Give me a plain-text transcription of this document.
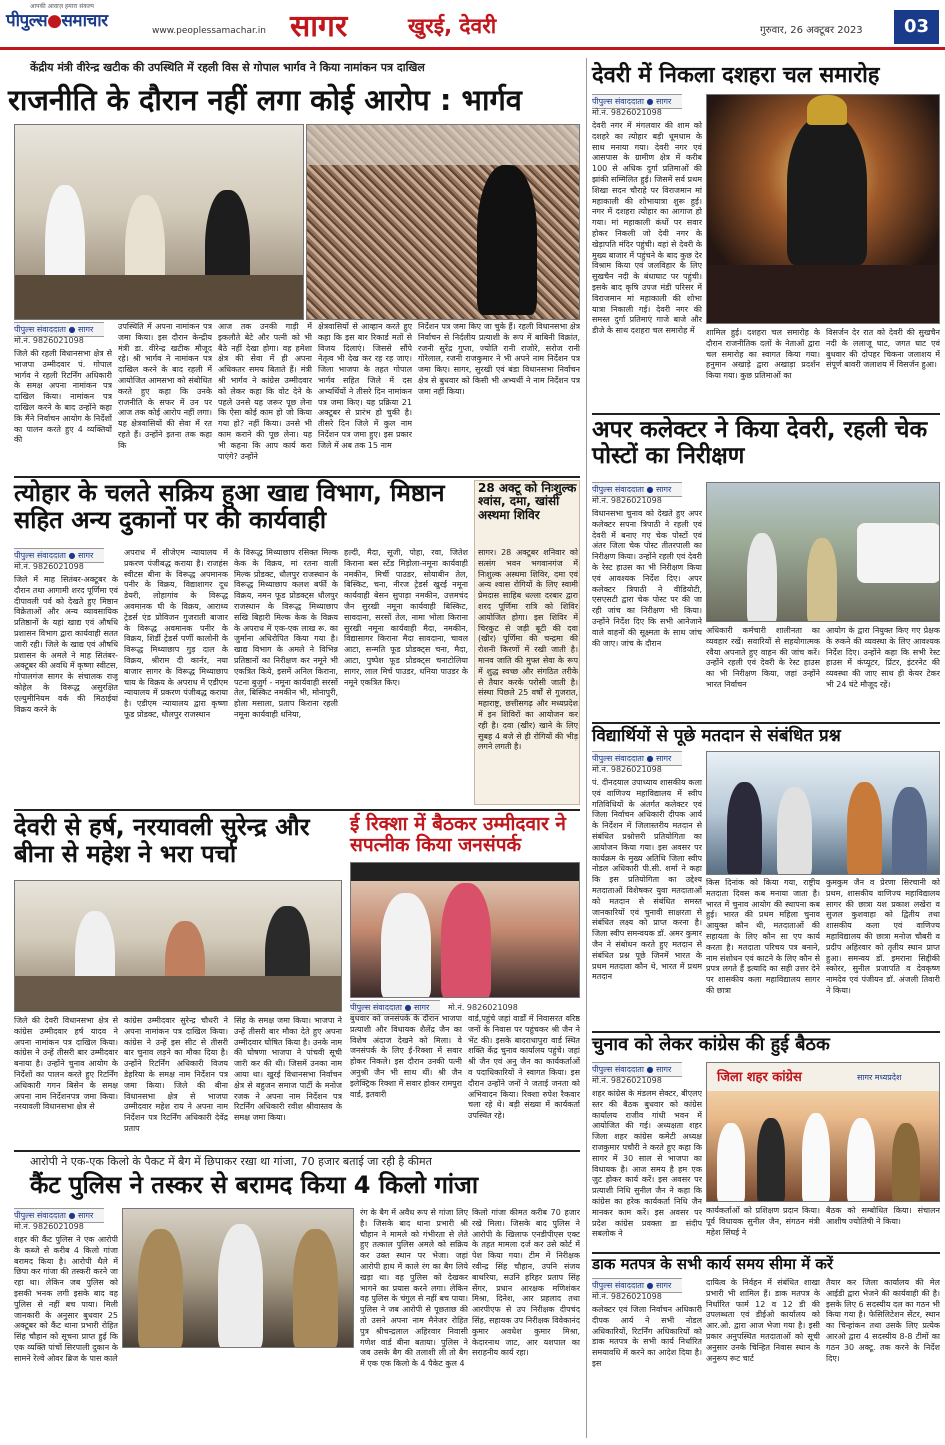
आपकी आवाज़ हमारा संकल्प
पीपुल्स●समाचार	www.peoplessamachar.in सागर	खुरई, देवरी	गुरुवार, 26 अक्टूबर 2023	03
केंद्रीय मंत्री वीरेन्द्र खटीक की उपस्थिति में रहली विस से गोपाल भार्गव ने किया नामांकन पत्र दाखिल
राजनीति के दौरान नहीं लगा कोई आरोप : भार्गव
पीपुल्स संवाददाता ● सागर
मो.नं. 9826021098
जिले की रहली विधानसभा क्षेत्र से भाजपा उम्मीदवार पं. गोपाल भार्गव ने रहली रिटर्निंग अधिकारी के समक्ष अपना नामांकन पत्र दाखिल किया। नामांकन पत्र दाखिल करने के बाद उन्होंने कहा कि मैंने निर्वाचन आयोग के निर्देशों का पालन करते हुए 4 व्यक्तियों की
उपस्थिति में अपना नामांकन पत्र जमा किया। इस दौरान केन्द्रीय मंत्री डा. वीरेन्द्र खटीक मौजूद रहे। श्री भार्गव ने नामांकन पत्र दाखिल करने के बाद रहली में आयोजित आमसभा को संबोधित करते हुए कहा कि उनके राजनीति के सफर में उन पर आज तक कोई आरोप नहीं लगा। यह क्षेत्रवासियों की सेवा में रत रहते हैं। उन्होंने इतना तक कहा कि
आज तक उनकी गाड़ी में इकलौते बेटे और पत्नी को भी बैठे नहीं देखा होगा। वह हमेशा क्षेत्र की सेवा में ही अपना अधिकतर समय बिताते हैं। मंत्री श्री भार्गव ने कांग्रेस उम्मीदवार को लेकर कहा कि वोट देने के पहले उनसे यह जरूर पूछ लेना कि ऐसा कोई काम हो जो किया गया हो? नहीं किया। उनसे भी काम कराने की पूछ लेना। यह भी कहना कि आप कार्य करा पाएंगे? उन्होंने
क्षेत्रवासियों से आव्हान करते हुए कहा कि इस बार रिकार्ड मतों से विजय दिलाएं। जिससे सौंपे नेतृत्व भी देख कर रह रह जाए। जिला भाजपा के तहत गोपाल भार्गव सहित जिले में दस अभ्यर्थियों ने तीसरे दिन नामांकन पत्र जमा किए। यह प्रक्रिया 21 अक्टूबर से प्रारंभ हो चुकी है। तीसरे दिन जिले में कुल नाम निर्देशन पत्र जमा हुए। इस प्रकार जिले में अब तक 15 नाम
निर्देशन पत्र जमा किए जा चुके हैं। रहली विधानसभा क्षेत्र निर्वाचन से निर्दलीय प्रत्याशी के रूप में बाबिनी विक्रांत, रजनी सुरेंद्र गुप्ता, ज्योति रानी राजोरे, सरोज रानी गोरेलाल, रजनी राजकुमार ने भी अपने नाम निर्देशन पत्र जमा किए। सागर, सुरखी एवं बंडा विधानसभा निर्वाचन क्षेत्र से बुधवार को किसी भी अभ्यर्थी ने नाम निर्देशन पत्र जमा नहीं किया।
त्योहार के चलते सक्रिय हुआ खाद्य विभाग, मिष्ठान सहित अन्य दुकानों पर की कार्यवाही
पीपुल्स संवाददाता ● सागर
मो.नं. 9826021098
जिले में माह सितंबर-अक्टूबर के दौरान तथा आगामी शरद पूर्णिमा एवं दीपावली पर्व को देखते हुए मिष्ठान विक्रेताओं और अन्य व्यावसायिक प्रतिष्ठानों के यहां खाद्य एवं औषधि प्रशासन विभाग द्वारा कार्यवाही सतत जारी रही। जिले के खाद्य एवं औषधि प्रशासन के अमले ने माह सितंबर-अक्टूबर की अवधि में कृष्णा स्वीटस, गोपालगंज सागर के संचालक राजू कोहेल के विरूद्ध असुरक्षित एल्युमीनियम वर्क की मिठाईयां विक्रय करने के
अपराध में सीजेएम न्यायालय में प्रकरण पंजीबद्ध कराया है। राजहंस स्वीटस बीना के विरूद्ध अपमानक पनीर के विक्रय, विद्याशागर दूध डेयरी, लोहागांव के विरूद्ध अवमानक घी के विक्रय, आराध्य ट्रेडर्स एंड प्रोविजन गुजराती बाजार के विरूद्ध अवमानक पनीर के विक्रय, शिर्डी ट्रेडर्स पर्णी कालोनी के विरूद्ध मिथ्याछाप गुड़ दाल के विक्रय, श्रीराम दी कार्नर, नया बाजार सागर के विरूद्ध मिथ्याछाप चाय के विक्रय के अपराध में एडीएम न्यायालय में प्रकरण पंजीबद्ध कराया है। एडीएम न्यायालय द्वारा कृष्णा फूड प्रोडक्ट, धौलपुर राजस्थान
के विरूद्ध मिथ्याछाप रसिक्त मिल्क केक के विक्रय, मां रतना वाली मिल्क प्रोडक्ट, धौलपुर राजस्थान के विरूद्ध मिथ्याछाप कलश बर्फी के विक्रय, नमन फूड प्रोडक्ट्स धौलपुर राजस्थान के विरूद्ध मिथ्याछाप सखि बिहारी मिल्क केक के विक्रय के अपराध में एक-एक लाख रू. का जुर्माना अधिरोपित किया गया है। खाद्य विभाग के अमले ने विभिन्न प्रतिष्ठानों का निरीक्षण कर नमूने भी एकत्रित किये, इसमें अनिल किराना, पटना बुजुर्ग - नमूना कार्यवाही सरसों तेल, बिस्किट नमकीन भी, मोनापुरी, होला मसाला, प्रताप किराना रहली नमूना कार्यवाही धनिया,
हल्दी, मैदा, सूजी, पोहा, रवा, जितेश किराना बस स्टेंड मिड़ोला-नमूना कार्यवाही नमकीन, मिर्ची पाउडर, सोयाबीन तेल, बिस्किट, चना, नीरज ट्रेडर्स खुरई नमूना कार्यवाही बेसन सुपाड़ा नमकीन, उत्तमचंद जैन सुरखी नमूना कार्यवाही बिस्किट, सावदाना, सरसों तेल, नामा भोला किराना सुरखी नमूना कार्यवाही मैदा, नमकीन, विद्यासागर किराना मैदा सावदाना, चावल आटा, सन्मति फूड प्रोडक्ट्स चना, मैदा, आटा, पुष्पेश फूड प्रोडक्ट्स चनाटोलिया सागर, लाल मिर्च पाउडर, धनिया पाउडर के नमूने एकत्रित किए।
28 अक्टू को निःशुल्क श्वांस, दमा, खांसी अस्थमा शिविर
सागर। 28 अक्टूबर शनिवार को सत्संग भवन भगवानगंज में निःशुल्क अस्थमा शिविर, दमा एवं अन्य श्वास रोगियों के लिए स्वामी प्रेमदास साहिब धल्ला दरबार द्वारा शरद पूर्णिमा रात्रि को शिविर आयोजित होगा। इस शिविर में चिरकुट से जड़ी बूटी की दवा (खीर) पूर्णिमा की चन्द्रमा की रोशनी किरणों में रखी जाती है। मानव जाति की मुफ्त सेवा के रूप में शुद्ध स्वच्छ और संगठित तरीके से तैयार करके परोसी जाती है। संस्था पिछले 25 वर्षों से गुजरात, महाराष्ट्र, छत्तीसगढ़ और मध्यप्रदेश में इन शिविरों का आयोजन कर रही है। दवा (खीर) खाने के लिए सुबह 4 बजे से ही रोगियों की भीड़ लगने लगती है।
देवरी से हर्ष, नरयावली सुरेन्द्र और बीना से महेश ने भरा पर्चा
जिले की देवरी विधानसभा क्षेत्र से कांग्रेस उम्मीदवार हर्ष यादव ने अपना नामांकन पत्र दाखिल किया। कांग्रेस ने उन्हें तीसरी बार उम्मीदवार बनाया है। उन्होंने चुनाव आयोग के निर्देशों का पालन करते हुए रिटर्निंग अधिकारी गगन बिसेन के समक्ष अपना नाम निर्देशनपत्र जमा किया। नरयावली विधानसभा क्षेत्र से
कांग्रेस उम्मीदवार सुरेन्द्र चौधरी ने अपना नामांकन पत्र दाखिल किया। कांग्रेस ने उन्हें इस सीट से तीसरी बार चुनाव लड़ने का मौका दिया है। उन्होंने रिटर्निंग अधिकारी विजय डेहरिया के समक्ष नाम निर्देशन पत्र जमा किया। जिले की बीना विधानसभा क्षेत्र से भाजपा उम्मीदवार महेश राय ने अपना नाम निर्देशन पत्र रिटर्निंग अधिकारी देवेंद्र प्रताप
सिंह के समक्ष जमा किया। भाजपा ने उन्हें तीसरी बार मौका देते हुए अपना उम्मीदवार घोषित किया है। उनके नाम की घोषणा भाजपा ने पांचवी सूची जारी कर की थी। जिसमें उनका नाम आया था। खुरई विधानसभा निर्वाचन क्षेत्र से बहुजन समाज पार्टी के मनोज रजक ने अपना नाम निर्देशन पत्र रिटर्निंग अधिकारी रवीश श्रीवास्तव के समक्ष जमा किया।
ई रिक्शा में बैठकर उम्मीदवार ने सपत्नीक किया जनसंपर्क
पीपुल्स संवाददाता ● सागर	मो.नं. 9826021098
बुधवार को जनसंपर्क के दौरान भाजपा प्रत्याशी और विधायक शैलेंद्र जैन का विशेष अंदाज देखने को मिला। वे जनसंपर्क के लिए ई-रिक्शा में सवार होकर निकले। इस दौरान उनकी पत्नी अनुश्री जैन भी साथ थीं। श्री जैन इलेक्ट्रिक रिक्शा में सवार होकर रामपुरा वार्ड, इतवारी
वार्ड,पहुंचे जहां वार्डों में निवासरत वरिष्ठ जनों के निवास पर पहुंचकर श्री जैन ने भेंट की। इसके बादराधापुरा वार्ड स्थित शक्ति केंद्र चुनाव कार्यालय पहुंचे। जहां श्री जैन एवं अनु जैन का कार्यकर्ताओं व पदाधिकारियों ने स्वागत किया। इस दौरान उन्होंने जनों ने जताई जनता को अभिवादन किया। रिक्शा रुपेश रैकवार चला रहे थे। बड़ी संख्या में कार्यकर्ता उपस्थित रहे।
आरोपी ने एक-एक किलो के पैकट में बैग में छिपाकर रखा था गांजा, 70 हजार बताई जा रही है कीमत
कैंट पुलिस ने तस्कर से बरामद किया 4 किलो गांजा
पीपुल्स संवाददाता ● सागर
मो.नं. 9826021098
शहर की कैंट पुलिस ने एक आरोपी के कब्जे से करीब 4 किलो गांजा बरामद किया है। आरोपी थैले में छिपा कर गांजा की तस्करी करने जा रहा था। लेकिन जब पुलिस को इसकी भनक लगी इसके बाद वह पुलिस से नहीं बच पाया। मिली जानकारी के अनुसार बुधवार 25 अक्टूबर को कैंट थाना प्रभारी रोहित सिंह चौहान को सूचना प्राप्त हुई कि एक व्यक्ति पांचों सिरपाली दुकान के सामने रेल्वे ओवर ब्रिज के पास काले
रंग के बैग में अवैध रूप से गांजा लिए है। जिसके बाद थाना प्रभारी श्री चौहान ने मामले को गंभीरता से लेते हुए तत्काल पुलिस अमले को सक्रिय कर उक्त स्थान पर भेजा। जहां आरोपी हाथ में काले रंग का बैग लिये खड़ा था। वह पुलिस को देखकर भागने का प्रयास करने लगा। लेकिन वह पुलिस के चंगुल से नहीं बच पाया। पुलिस ने जब आरोपी से पूछताछ की तो उसने अपना नाम मैनेजर रोहित पुत्र श्रीचन्द्रलाल अहिरवार निवासी गणेश वार्ड बीना बताया। पुलिस ने जब उसके बैग की तलाशी ली तो बैग में एक एक किलो के 4 पैकेट कुल 4
किलो गांजा कीमत करीब 70 हजार रखे मिला। जिसके बाद पुलिस ने आरोपी के खिलाफ एनडीपीएस एक्ट के तहत मामला दर्ज कर उसे कोर्ट में पेश किया गया। टीम में निरीक्षक रवीन्द्र सिंह चौहान, उपनि संजय बाथरिया, सउनि हरिहर प्रताप सिंह सेंगर, प्रधान आरक्षक मणिशंकर मिश्रा, दिनेश, आर प्रहलाद तथा आरपीएफ से उप निरीक्षक दीपचंद सिंह, सहायक उप निरीक्षक विवेकानंद कुमार अवधेश कुमार मिश्रा, केदारनाथ जाट, आर यशपाल का सराहनीय कार्य रहा।
देवरी में निकला दशहरा चल समारोह
पीपुल्स संवाददाता ● सागर
मो.नं. 9826021098
देवरी नगर में मंगलवार की शाम को दशहरे का त्योहार बड़ी धूमधाम के साथ मनाया गया। देवरी नगर एवं आसपास के ग्रामीण क्षेत्र में करीब 100 से अधिक दुर्गा प्रतिमाओं की झांकी सम्मिलित हुई। जिसमें सर्व प्रथम शिखा सदन चौराहे पर विराजमान मां महाकाली की शोभायात्रा शुरू हुई। नगर में दशहरा त्योहार का आगाज हो गया। मां महाकाली कंधों पर सवार होकर निकली जो देवी नगर के खेड़ापति मंदिर पहुंची। वहां से देवरी के मुख्य बाजार में पहुंचने के बाद कुछ देर विश्राम किया एवं जलविहार के लिए सुखचैन नदी के बंधाघाट पर पहुंची। इसके बाद कृषि उपज मंडी परिसर में विराजमान मां महाकाली की शोभा यात्रा निकाली गई। देवरी नगर की समस्त दुर्गा प्रतिमाएं गाजे बाजे और डीजे के साथ दशहरा चल समारोह में	शामिल हुई। दशहरा चल समारोह के दौरान राजनीतिक दलों के नेताओं द्वारा चल समारोह का स्वागत किया गया। हनुमान अखाड़े द्वारा अखाड़ा प्रदर्शन किया गया। कुछ प्रतिमाओं का
विसर्जन देर रात को देवरी की सुखचैन नदी के ललाजू घाट, जगत घाट एवं बुधवार की दोपहर चिकना जलाशय में संपूर्ण बावरी जलाशय में विसर्जन हुआ।
अपर कलेक्टर ने किया देवरी, रहली चेक पोस्टों का निरीक्षण
पीपुल्स संवाददाता ● सागर
मो.नं. 9826021098
विधानसभा चुनाव को देखते हुए अपर कलेक्टर सपना त्रिपाठी ने रहली एवं देवरी में बनाए गए चेक पोस्टों एवं अंतर जिला चेक पोस्ट तीतरपाली का निरीक्षण किया। उन्होंने रहली एवं देवरी के रेस्ट हाउस का भी निरीक्षण किया एवं आवश्यक निर्देश दिए। अपर कलेक्टर त्रिपाठी ने वीडियोटी, एसएसटी द्वारा चेक पोस्ट पर की जा रही जांच का निरीक्षण भी किया। उन्होंने निर्देश दिए कि सभी आनेजाने वाले वाहनों की सूक्ष्मता के साथ जांच की जाए। जांच के दौरान
अधिकारी कर्मचारी शालीनता का व्यवहार रखें। सवारियों से सहयोगात्मक रवैया अपनाते हुए वाहन की जांच करें। उन्होंने रहली एवं देवरी के रेस्ट हाउस का भी निरीक्षण किया, जहां उन्होंने भारत निर्वाचन
आयोग के द्वारा नियुक्त किए गए प्रेक्षक के रुकने की व्यवस्था के लिए आवश्यक निर्देश दिए। उन्होंने कहा कि सभी रेस्ट हाउस में कंप्यूटर, प्रिंटर, इंटरनेट की व्यवस्था की जाए साथ ही केयर टेकर भी 24 घंटे मौजूद रहें।
विद्यार्थियों से पूछे मतदान से संबंधित प्रश्न
पीपुल्स संवाददाता ● सागर
मो.नं. 9826021098
पं. दीनदयाल उपाध्याय शासकीय कला एवं वाणिज्य महाविद्यालय में स्वीप गतिविधियों के अंतर्गत कलेक्टर एवं जिला निर्वाचन अधिकारी दीपक आर्य के निर्देशन में जिलास्तरीय मतदान से संबंधित प्रश्नोत्तरी प्रतियोगिता का आयोजन किया गया। इस अवसर पर कार्यक्रम के मुख्य अतिथि जिला स्वीप नोडल अधिकारी पी.सी. शर्मा ने कहा कि इस प्रतियोगिता का उद्देश्य मतदाताओं विशेषकर युवा मतदाताओं को मतदान से संबंधित समस्त जानकारियों एवं चुनावी साक्षरता से संबंधित लक्ष्य को प्राप्त करना है। जिला स्वीप समन्वयक डॉ. अमर कुमार जैन ने संबोधन करते हुए मतदान से संबंधित प्रश्न पूछे जिनमें भारत के प्रथम मतदाता कौन थे, भारत में प्रथम मतदान
किस दिनांक को किया गया, राष्ट्रीय मतदाता दिवस कब मनाया जाता है। भारत में चुनाव आयोग की स्थापना कब हुई। भारत की प्रथम महिला चुनाव आयुक्त कौन थी, मतदाताओं की सहायता के लिए कौन सा एप कार्य करता है। मतदाता परिचय पत्र बनाने, नाम संशोधन एवं काटने के लिए कौन से प्रपत्र लगते हैं इत्यादि का सही उत्तर देने पर शासकीय कला महाविद्यालय सागर की छात्रा
कुमकुम जैन व प्रेरणा सिरचानी को प्रथम, शासकीय वाणिज्य महाविद्यालय सागर की छात्रा यश प्रकाश लखेरा व सुजल कुशवाहा को द्वितीय तथा शासकीय कला एवं वाणिज्य महाविद्यालय की छात्रा मनोज चौबरी व प्रदीप अहिरवार को तृतीय स्थान प्राप्त हुआ। समन्वय डॉ. इमराना सिद्दीकी स्कोरर, सुनील प्रजापति व देवकृष्ण नामदेव एवं पंजीयन डॉ. अंजली तिवारी ने किया।
चुनाव को लेकर कांग्रेस की हुई बैठक
पीपुल्स संवाददाता ● सागर
मो.नं. 9826021098
शहर कांग्रेस के मंडलम सेक्टर, बीएलए स्तर की बैठक बुधवार को कांग्रेस कार्यालय राजीव गांधी भवन में आयोजित की गई। अध्यक्षता शहर जिला शहर कांग्रेस कमेटी अध्यक्ष राजकुमार पचौरी ने करते हुए कहा कि सागर में 30 साल से भाजपा का विधायक है। आज समय है हम एक जुट होकर कार्य करें। इस अवसर पर प्रत्याशी निधि सुनील जैन ने कहा कि कांग्रेस का हरेक कार्यकर्ता निधि जैन मानकर काम करें। इस अवसर पर प्रदेश कांग्रेस प्रवक्ता डा संदीप सबलोक ने
जिला शहर कांग्रेस	सागर मध्यप्रदेश
कार्यकर्ताओं को प्रशिक्षण प्रदान किया। पूर्व विधायक सुनील जैन, संगठन मंत्री महेश सिंघई ने
बैठक को सम्बोधित किया। संचालन आशीष ज्योतिषी ने किया।
डाक मतपत्र के सभी कार्य समय सीमा में करें
पीपुल्स संवाददाता ● सागर
मो.नं. 9826021098
कलेक्टर एवं जिला निर्वाचन अधिकारी दीपक आर्य ने सभी नोडल अधिकारियों, रिटर्निंग अधिकारियों को डाक मतपत्र के सभी कार्य निर्धारित समयावधि में करने का आदेश दिया है। इस
दायित्व के निर्वहन में संबंधित शाखा प्रभारी भी शामिल हैं। डाक मतपत्र के निर्धारित फार्म 12 व 12 डी की उपलब्धता एवं डीईओ कार्यालय को आर.ओ. द्वारा आज भेजा गया है। इसी प्रकार अनुपस्थित मतदाताओं को सूची अनुसार उनके चिन्हित निवास स्थान के अनुरूप रूट चार्ट
तैयार कर जिला कार्यालय की मेल आईडी द्वारा भेजने की कार्यवाही की है। इसके लिए 6 सदस्यीय दल का गठन भी किया गया है। फेसिलिटेशन सेंटर, स्थान का चिन्हांकन तथा उसके लिए प्रत्येक आरओ द्वारा 4 सदस्यीय 8-8 टीमों का गठन 30 अक्टू. तक करने के निर्देश दिए।
